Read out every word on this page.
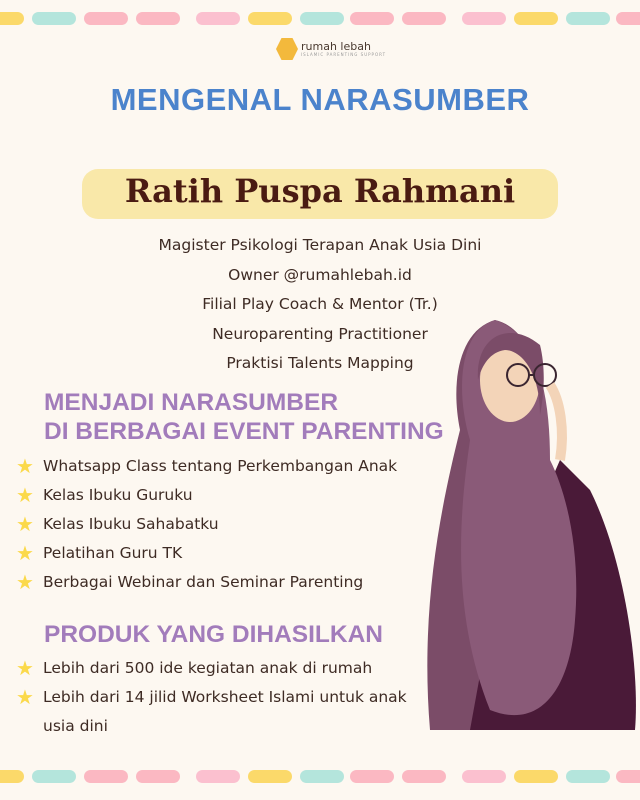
rumah lebah
ISLAMIC PARENTING SUPPORT
MENGENAL NARASUMBER
Ratih Puspa Rahmani
Magister Psikologi Terapan Anak Usia Dini
Owner @rumahlebah.id
Filial Play Coach & Mentor (Tr.)
Neuroparenting Practitioner
Praktisi Talents Mapping
MENJADI NARASUMBER
DI BERBAGAI EVENT PARENTING
★ Whatsapp Class tentang Perkembangan Anak
★ Kelas Ibuku Guruku
★ Kelas Ibuku Sahabatku
★ Pelatihan Guru TK
★ Berbagai Webinar dan Seminar Parenting
PRODUK YANG DIHASILKAN
★ Lebih dari 500 ide kegiatan anak di rumah
★ Lebih dari 14 jilid Worksheet Islami untuk anak usia dini
